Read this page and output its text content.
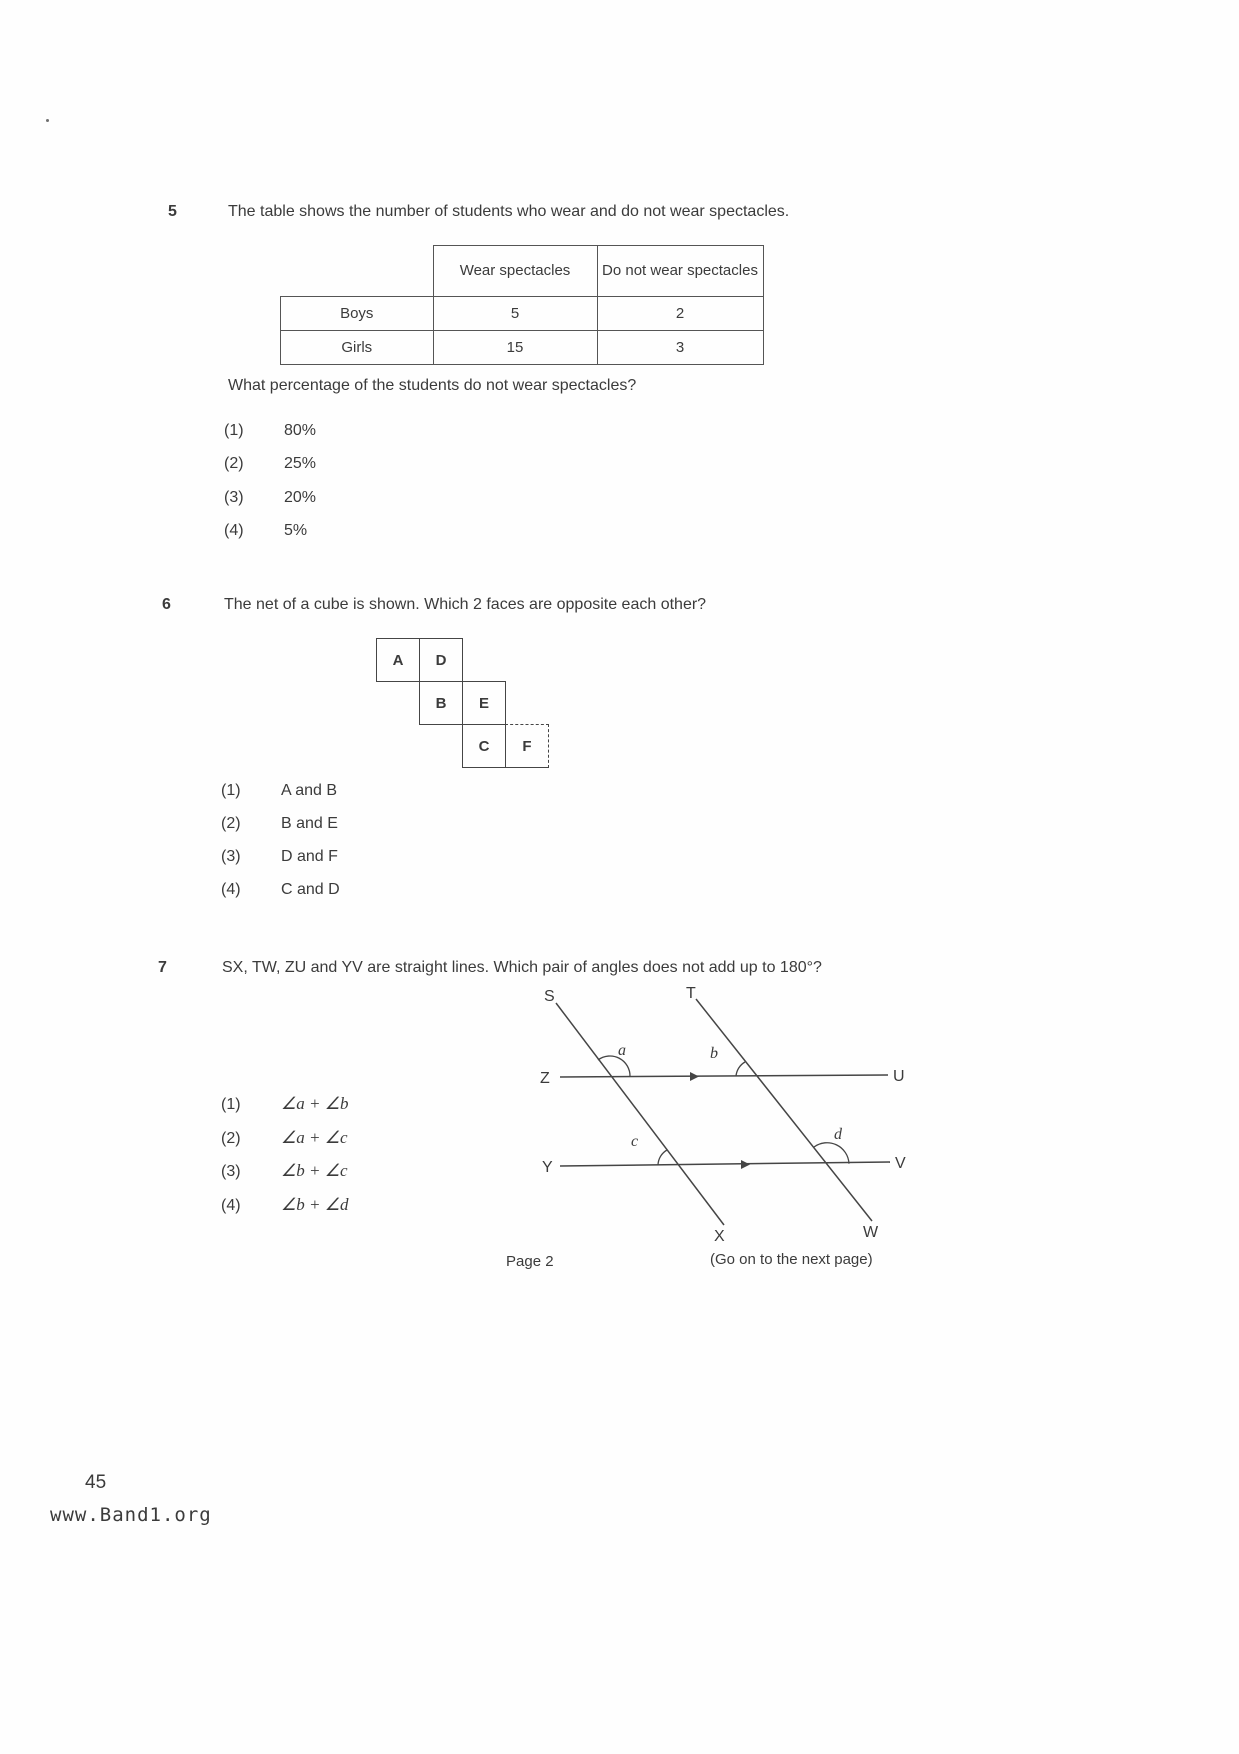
5	The table shows the number of students who wear and do not wear spectacles.
	Wear spectacles	Do not wear spectacles
Boys	5	2
Girls	15	3
What percentage of the students do not wear spectacles?
(1)	80%
(2)	25%
(3)	20%
(4)	5%
6	The net of a cube is shown. Which 2 faces are opposite each other?
A	D
B	E
C	F
(1)	A and B
(2)	B and E
(3)	D and F
(4)	C and D
7	SX, TW, ZU and YV are straight lines. Which pair of angles does not add up to 180°?
S	T
Z	U
Y	V
X	W
a	b
c	d
(1) ∠a + ∠b
(2) ∠a + ∠c
(3) ∠b + ∠c
(4) ∠b + ∠d
Page 2	(Go on to the next page)
45
www.Band1.org
